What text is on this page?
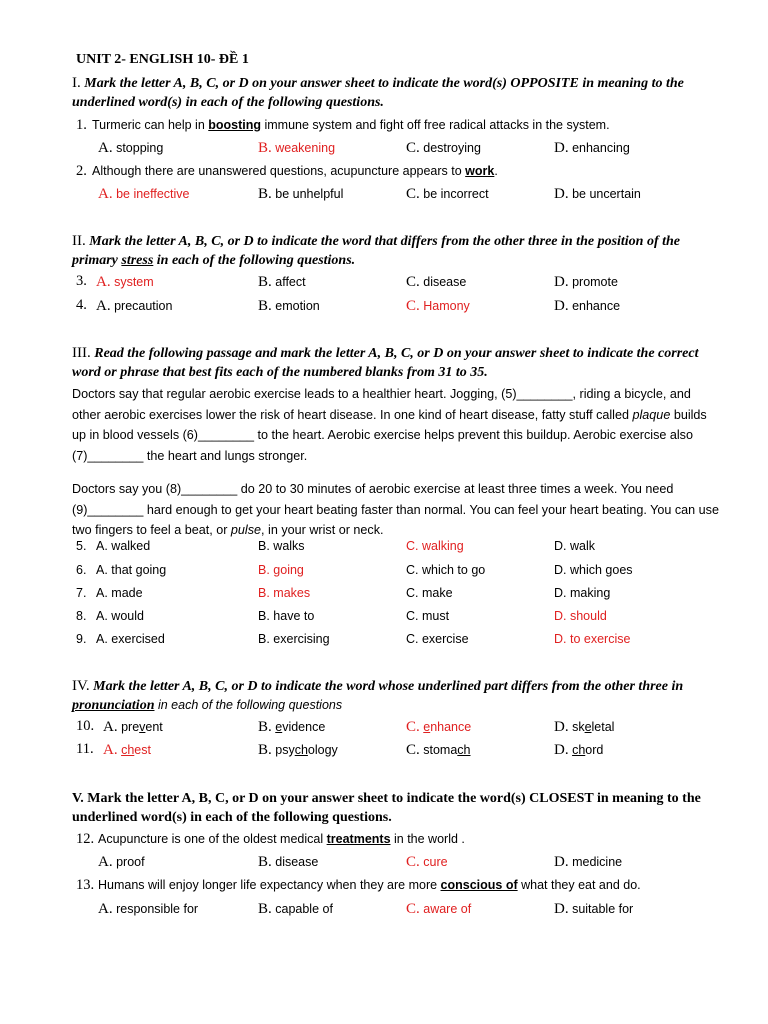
UNIT 2- ENGLISH 10- ĐỀ 1
I. Mark the letter A, B, C, or D on your answer sheet to indicate the word(s) OPPOSITE in meaning to the underlined word(s) in each of the following questions.
1. Turmeric can help in boosting immune system and fight off free radical attacks in the system.
A. stopping	B. weakening	C. destroying	D. enhancing
2. Although there are unanswered questions, acupuncture appears to work.
A. be ineffective	B. be unhelpful	C. be incorrect	D. be uncertain
II. Mark the letter A, B, C, or D to indicate the word that differs from the other three in the position of the primary stress in each of the following questions.
3. A. system	B. affect	C. disease	D. promote
4. A. precaution	B. emotion	C. Hamony	D. enhance
III. Read the following passage and mark the letter A, B, C, or D on your answer sheet to indicate the correct word or phrase that best fits each of the numbered blanks from 31 to 35.
Doctors say that regular aerobic exercise leads to a healthier heart. Jogging, (5)________, riding a bicycle, and other aerobic exercises lower the risk of heart disease. In one kind of heart disease, fatty stuff called plaque builds up in blood vessels (6)________ to the heart. Aerobic exercise helps prevent this buildup. Aerobic exercise also (7)________ the heart and lungs stronger.
Doctors say you (8)________ do 20 to 30 minutes of aerobic exercise at least three times a week. You need (9)________ hard enough to get your heart beating faster than normal. You can feel your heart beating. You can use two fingers to feel a beat, or pulse, in your wrist or neck.
5. A. walked	B. walks	C. walking	D. walk
6. A. that going	B. going	C. which to go	D. which goes
7. A. made	B. makes	C. make	D. making
8. A. would	B. have to	C. must	D. should
9. A. exercised	B. exercising	C. exercise	D. to exercise
IV. Mark the letter A, B, C, or D to indicate the word whose underlined part differs from the other three in pronunciation in each of the following questions
10. A. prevent	B. evidence	C. enhance	D. skeletal
11. A. chest	B. psychology	C. stomach	D. chord
V. Mark the letter A, B, C, or D on your answer sheet to indicate the word(s) CLOSEST in meaning to the underlined word(s) in each of the following questions.
12. Acupuncture is one of the oldest medical treatments in the world .
A. proof	B. disease	C. cure	D. medicine
13. Humans will enjoy longer life expectancy when they are more conscious of what they eat and do.
A. responsible for	B. capable of	C. aware of	D. suitable for
